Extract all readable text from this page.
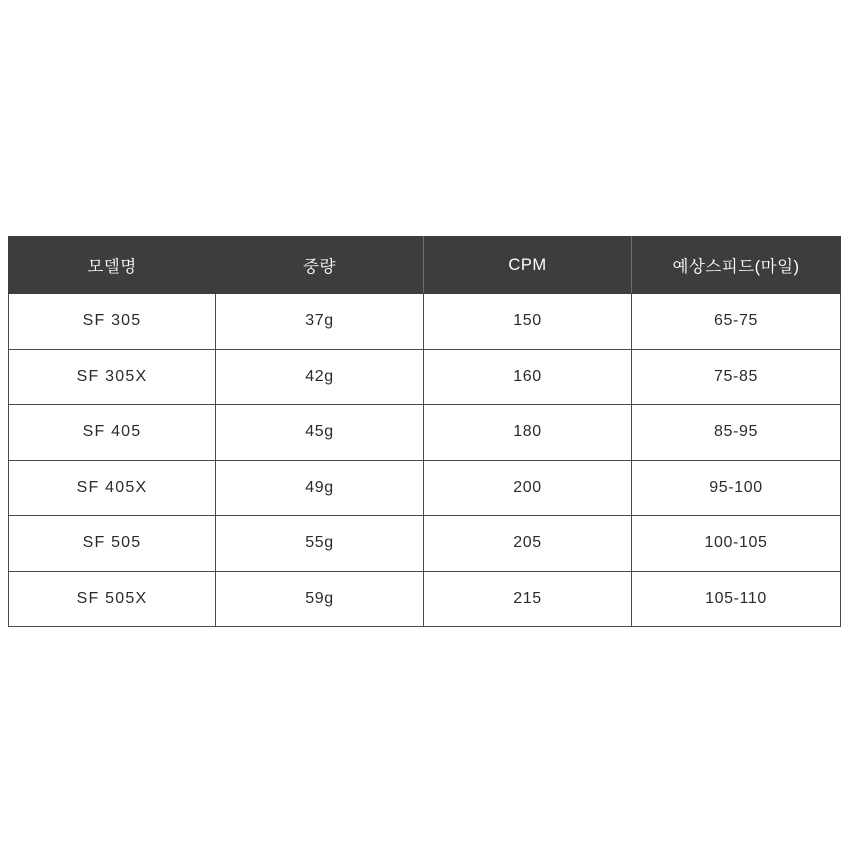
모델명	중량	CPM	예상스피드(마일)
SF 305	37g	150	65-75
SF 305X	42g	160	75-85
SF 405	45g	180	85-95
SF 405X	49g	200	95-100
SF 505	55g	205	100-105
SF 505X	59g	215	105-110
